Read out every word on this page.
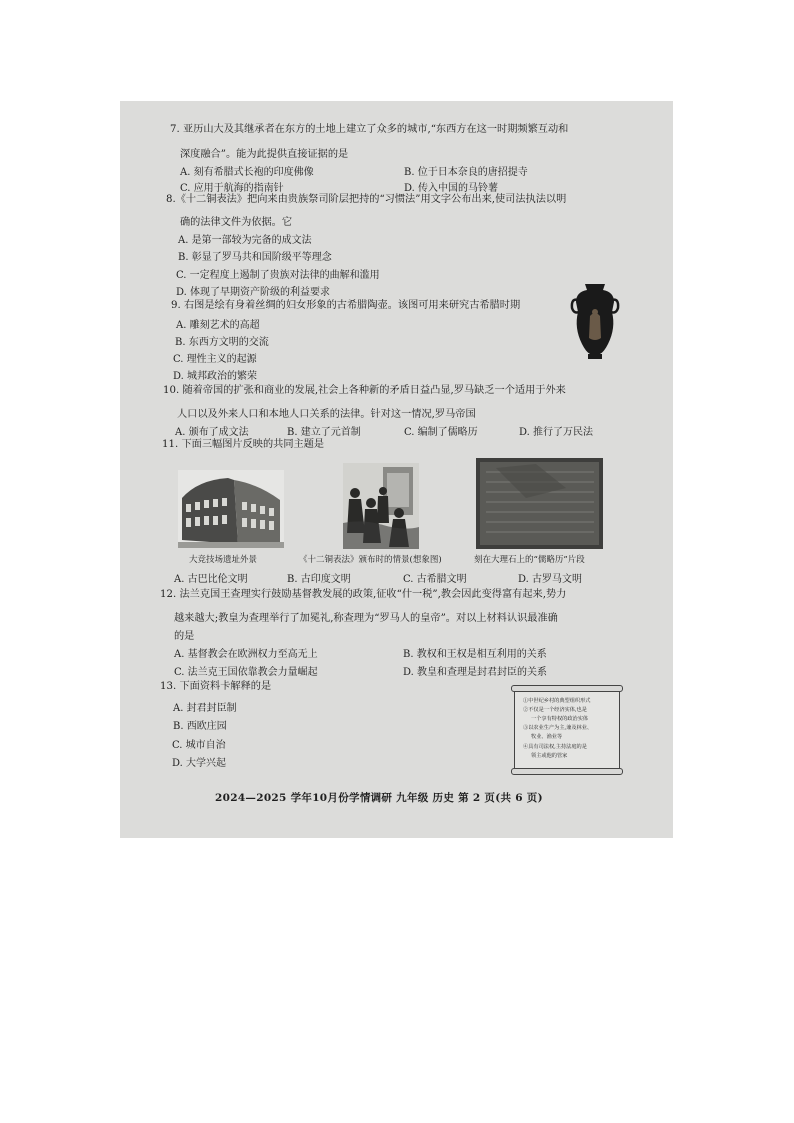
7. 亚历山大及其继承者在东方的土地上建立了众多的城市,“东西方在这一时期频繁互动和
深度融合”。能为此提供直接证据的是
A. 刻有希腊式长袍的印度佛像	B. 位于日本奈良的唐招提寺
C. 应用于航海的指南针	D. 传入中国的马铃薯
8.《十二铜表法》把向来由贵族祭司阶层把持的“习惯法”用文字公布出来,使司法执法以明
确的法律文件为依据。它
A. 是第一部较为完备的成文法
B. 彰显了罗马共和国阶级平等理念
C. 一定程度上遏制了贵族对法律的曲解和滥用
D. 体现了早期资产阶级的利益要求
9. 右图是绘有身着丝绸的妇女形象的古希腊陶壶。该图可用来研究古希腊时期
A. 雕刻艺术的高超
B. 东西方文明的交流
C. 理性主义的起源
D. 城邦政治的繁荣
10. 随着帝国的扩张和商业的发展,社会上各种新的矛盾日益凸显,罗马缺乏一个适用于外来
人口以及外来人口和本地人口关系的法律。针对这一情况,罗马帝国
A. 颁布了成文法	B. 建立了元首制	C. 编制了儒略历	D. 推行了万民法
11. 下面三幅图片反映的共同主题是
大竞技场遗址外景	《十二铜表法》颁布时的情景(想象图)	刻在大理石上的“儒略历”片段
A. 古巴比伦文明	B. 古印度文明	C. 古希腊文明	D. 古罗马文明
12. 法兰克国王查理实行鼓励基督教发展的政策,征收“什一税”,教会因此变得富有起来,势力
越来越大;教皇为查理举行了加冕礼,称查理为“罗马人的皇帝”。对以上材料认识最准确
的是
A. 基督教会在欧洲权力至高无上	B. 教权和王权是相互利用的关系
C. 法兰克王国依靠教会力量崛起	D. 教皇和查理是封君封臣的关系
13. 下面资料卡解释的是
A. 封君封臣制
B. 西欧庄园
C. 城市自治
D. 大学兴起
①中世纪乡村的典型组织形式
②不仅是一个经济实体,也是
一个享有特权的政治实体
③以农业生产为主,兼及林业、
牧业、渔业等
④具有司法权,主持法庭的是
领主或他的管家
2024—2025 学年10月份学情调研 九年级 历史 第 2 页(共 6 页)
